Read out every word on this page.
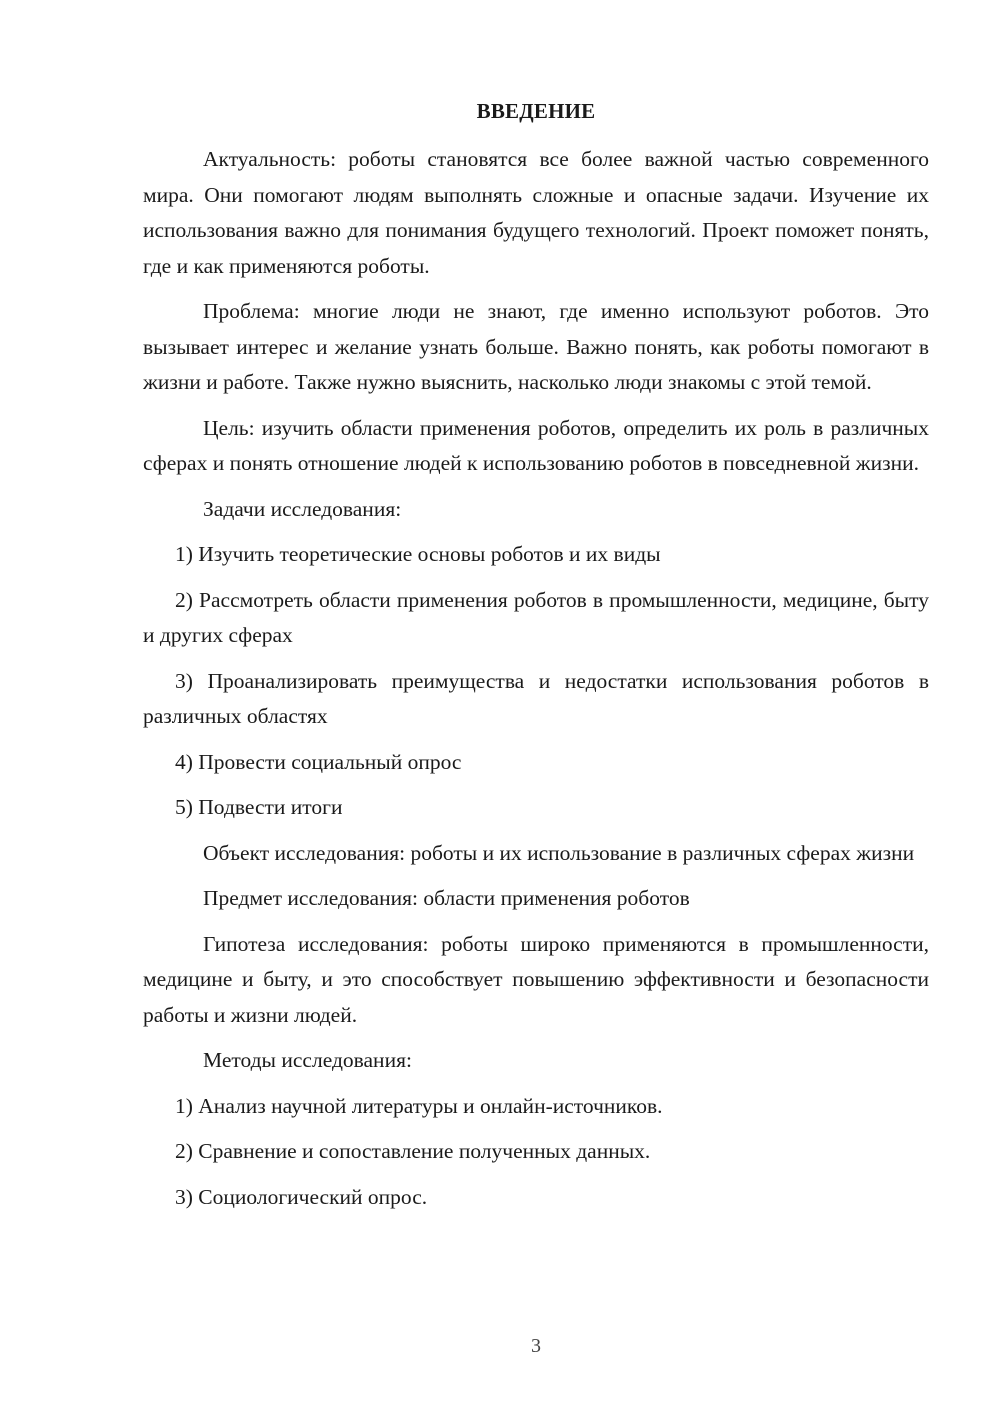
ВВЕДЕНИЕ

Актуальность: роботы становятся все более важной частью современного мира. Они помогают людям выполнять сложные и опасные задачи. Изучение их использования важно для понимания будущего технологий. Проект поможет понять, где и как применяются роботы.

Проблема: многие люди не знают, где именно используют роботов. Это вызывает интерес и желание узнать больше. Важно понять, как роботы помогают в жизни и работе. Также нужно выяснить, насколько люди знакомы с этой темой.

Цель: изучить области применения роботов, определить их роль в различных сферах и понять отношение людей к использованию роботов в повседневной жизни.

Задачи исследования:

1) Изучить теоретические основы роботов и их виды

2) Рассмотреть области применения роботов в промышленности, медицине, быту и других сферах

3) Проанализировать преимущества и недостатки использования роботов в различных областях

4) Провести социальный опрос

5) Подвести итоги

Объект исследования: роботы и их использование в различных сферах жизни

Предмет исследования: области применения роботов

Гипотеза исследования: роботы широко применяются в промышленности, медицине и быту, и это способствует повышению эффективности и безопасности работы и жизни людей.

Методы исследования:

1) Анализ научной литературы и онлайн-источников.

2) Сравнение и сопоставление полученных данных.

3) Социологический опрос.

3
